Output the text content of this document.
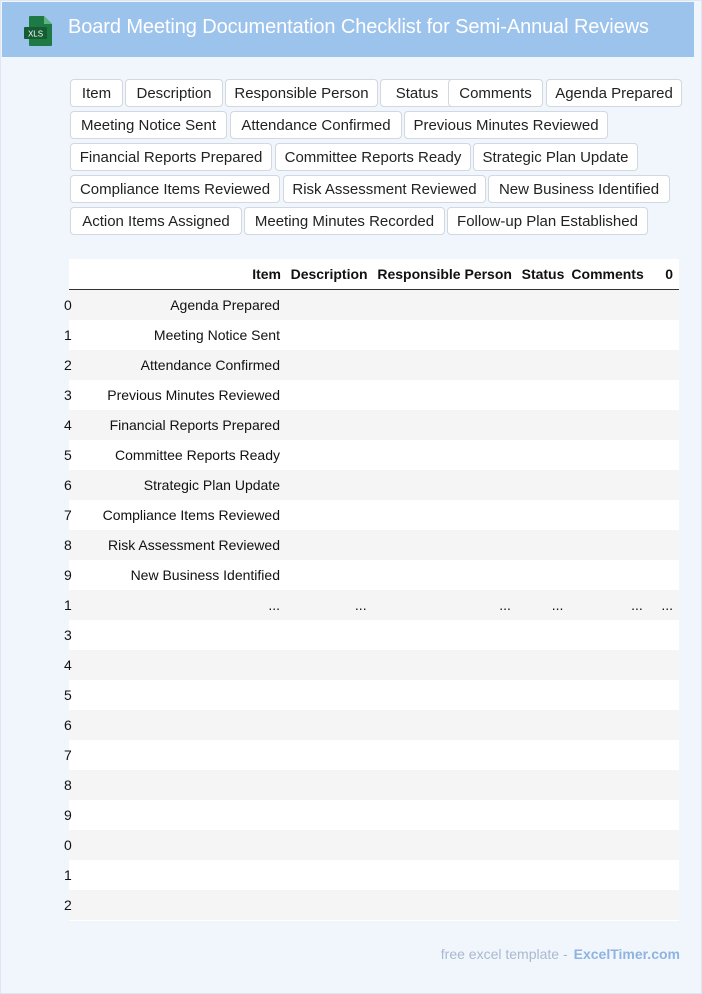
XLS Board Meeting Documentation Checklist for Semi-Annual Reviews
Item	Description	Responsible Person	Status	Comments	Agenda Prepared
Meeting Notice Sent	Attendance Confirmed	Previous Minutes Reviewed
Financial Reports Prepared	Committee Reports Ready	Strategic Plan Update
Compliance Items Reviewed	Risk Assessment Reviewed	New Business Identified
Action Items Assigned	Meeting Minutes Recorded	Follow-up Plan Established
	Item	Description	Responsible Person	Status	Comments	0
0	Agenda Prepared					
1	Meeting Notice Sent					
2	Attendance Confirmed					
3	Previous Minutes Reviewed					
4	Financial Reports Prepared					
5	Committee Reports Ready					
6	Strategic Plan Update					
7	Compliance Items Reviewed					
8	Risk Assessment Reviewed					
9	New Business Identified					
1	...	...	...	...	...	...
3						
4						
5						
6						
7						
8						
9						
0						
1						
2						
free excel template - ExcelTimer.com
